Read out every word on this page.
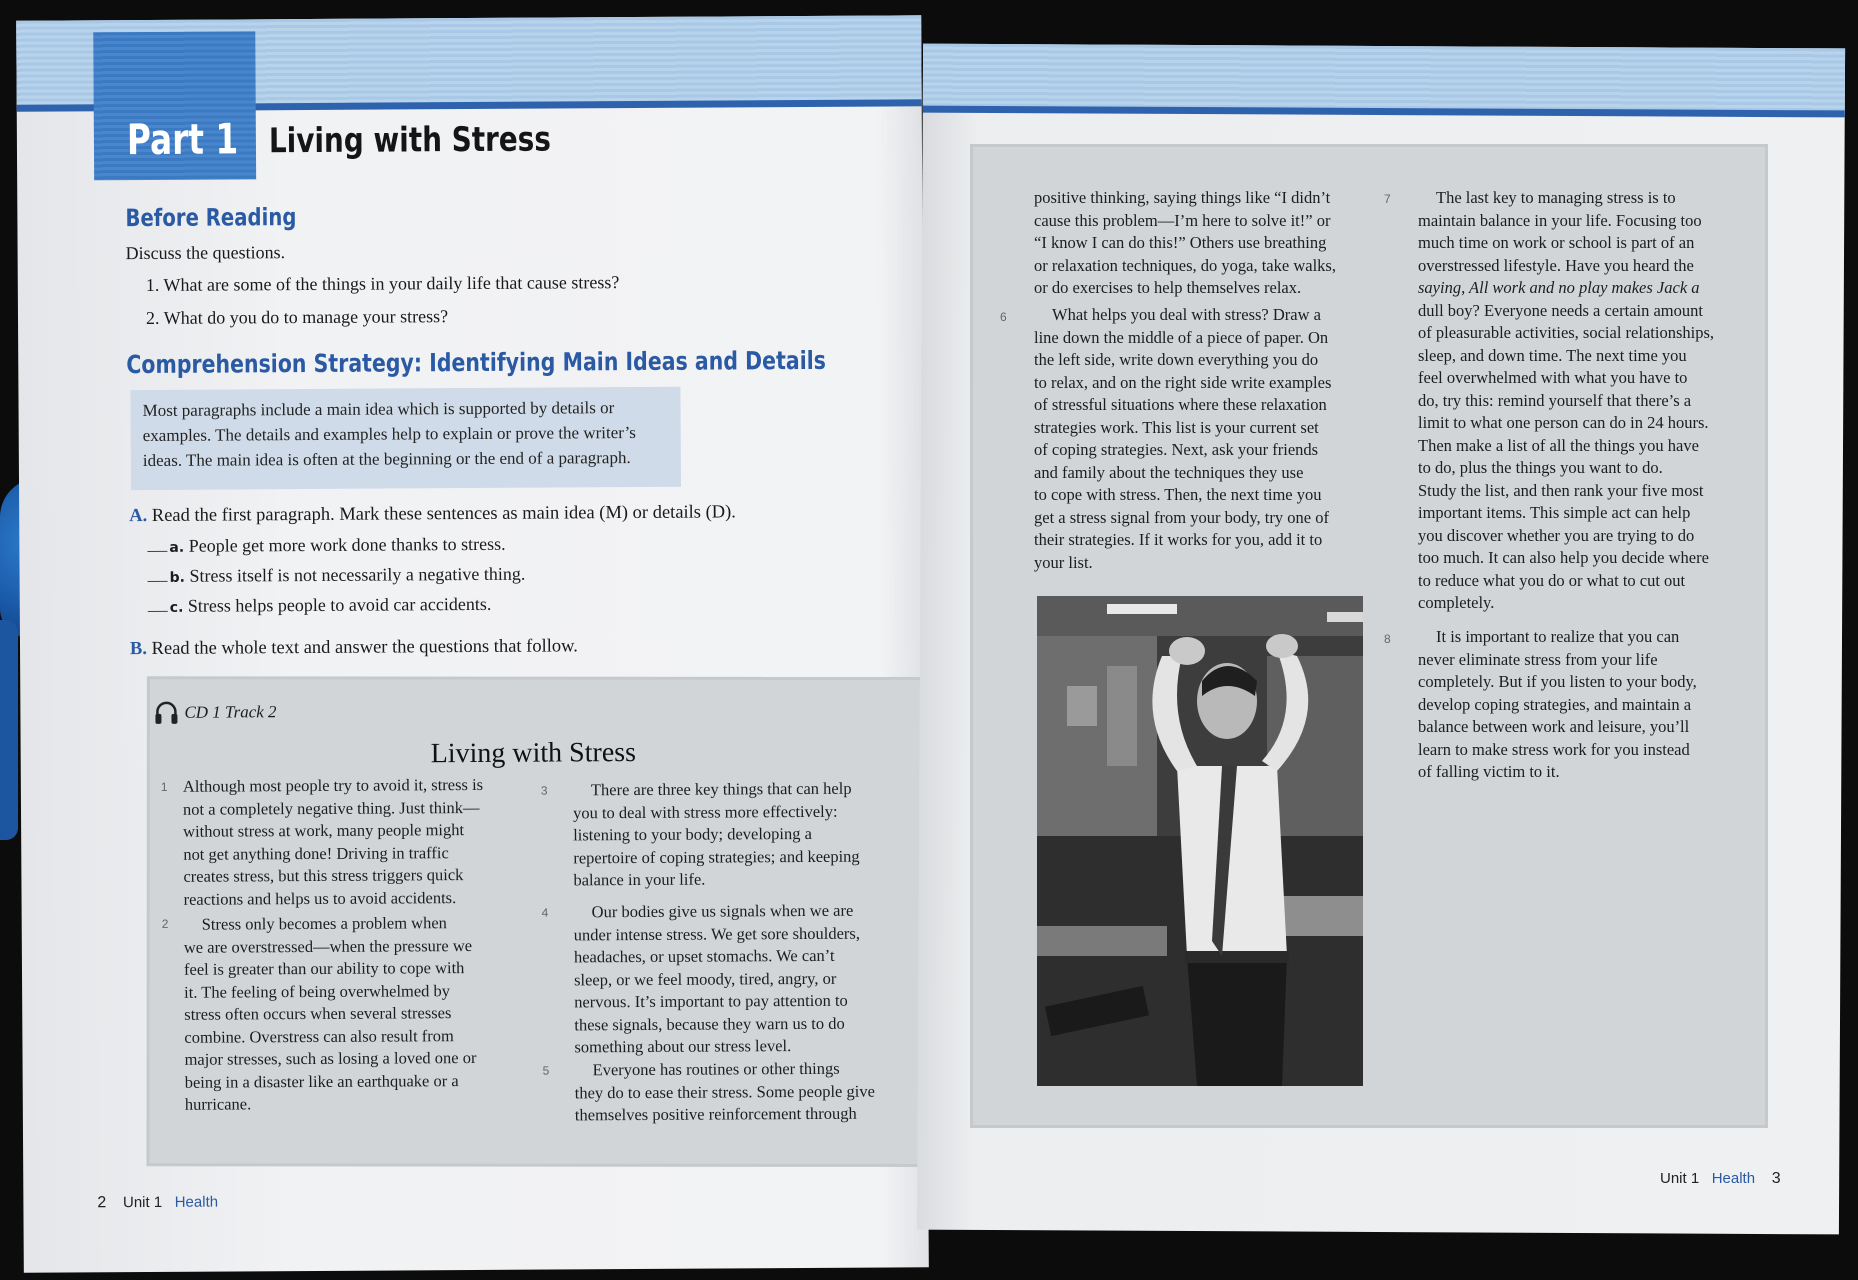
Part 1 Living with Stress
Before Reading
Discuss the questions.
1. What are some of the things in your daily life that cause stress?
2. What do you do to manage your stress?
Comprehension Strategy: Identifying Main Ideas and Details
Most paragraphs include a main idea which is supported by details or
examples. The details and examples help to explain or prove the writer’s
ideas. The main idea is often at the beginning or the end of a paragraph.
A. Read the first paragraph. Mark these sentences as main idea (M) or details (D).
a. People get more work done thanks to stress.
b. Stress itself is not necessarily a negative thing.
c. Stress helps people to avoid car accidents.
B. Read the whole text and answer the questions that follow.
CD 1 Track 2
Living with Stress
1 Although most people try to avoid it, stress is
not a completely negative thing. Just think—
without stress at work, many people might
not get anything done! Driving in traffic
creates stress, but this stress triggers quick
reactions and helps us to avoid accidents.
2	Stress only becomes a problem when
we are overstressed—when the pressure we
feel is greater than our ability to cope with
it. The feeling of being overwhelmed by
stress often occurs when several stresses
combine. Overstress can also result from
major stresses, such as losing a loved one or
being in a disaster like an earthquake or a
hurricane.
3	There are three key things that can help
you to deal with stress more effectively:
listening to your body; developing a
repertoire of coping strategies; and keeping
balance in your life.
4	Our bodies give us signals when we are
under intense stress. We get sore shoulders,
headaches, or upset stomachs. We can’t
sleep, or we feel moody, tired, angry, or
nervous. It’s important to pay attention to
these signals, because they warn us to do
something about our stress level.
5	Everyone has routines or other things
they do to ease their stress. Some people give
themselves positive reinforcement through
2 Unit 1 Health
positive thinking, saying things like “I didn’t
cause this problem—I’m here to solve it!” or
“I know I can do this!” Others use breathing
or relaxation techniques, do yoga, take walks,
or do exercises to help themselves relax.
6	What helps you deal with stress? Draw a
line down the middle of a piece of paper. On
the left side, write down everything you do
to relax, and on the right side write examples
of stressful situations where these relaxation
strategies work. This list is your current set
of coping strategies. Next, ask your friends
and family about the techniques they use
to cope with stress. Then, the next time you
get a stress signal from your body, try one of
their strategies. If it works for you, add it to
your list.
7	The last key to managing stress is to
maintain balance in your life. Focusing too
much time on work or school is part of an
overstressed lifestyle. Have you heard the
saying, All work and no play makes Jack a
dull boy? Everyone needs a certain amount
of pleasurable activities, social relationships,
sleep, and down time. The next time you
feel overwhelmed with what you have to
do, try this: remind yourself that there’s a
limit to what one person can do in 24 hours.
Then make a list of all the things you have
to do, plus the things you want to do.
Study the list, and then rank your five most
important items. This simple act can help
you discover whether you are trying to do
too much. It can also help you decide where
to reduce what you do or what to cut out
completely.
8	It is important to realize that you can
never eliminate stress from your life
completely. But if you listen to your body,
develop coping strategies, and maintain a
balance between work and leisure, you’ll
learn to make stress work for you instead
of falling victim to it.
Unit 1 Health 3
